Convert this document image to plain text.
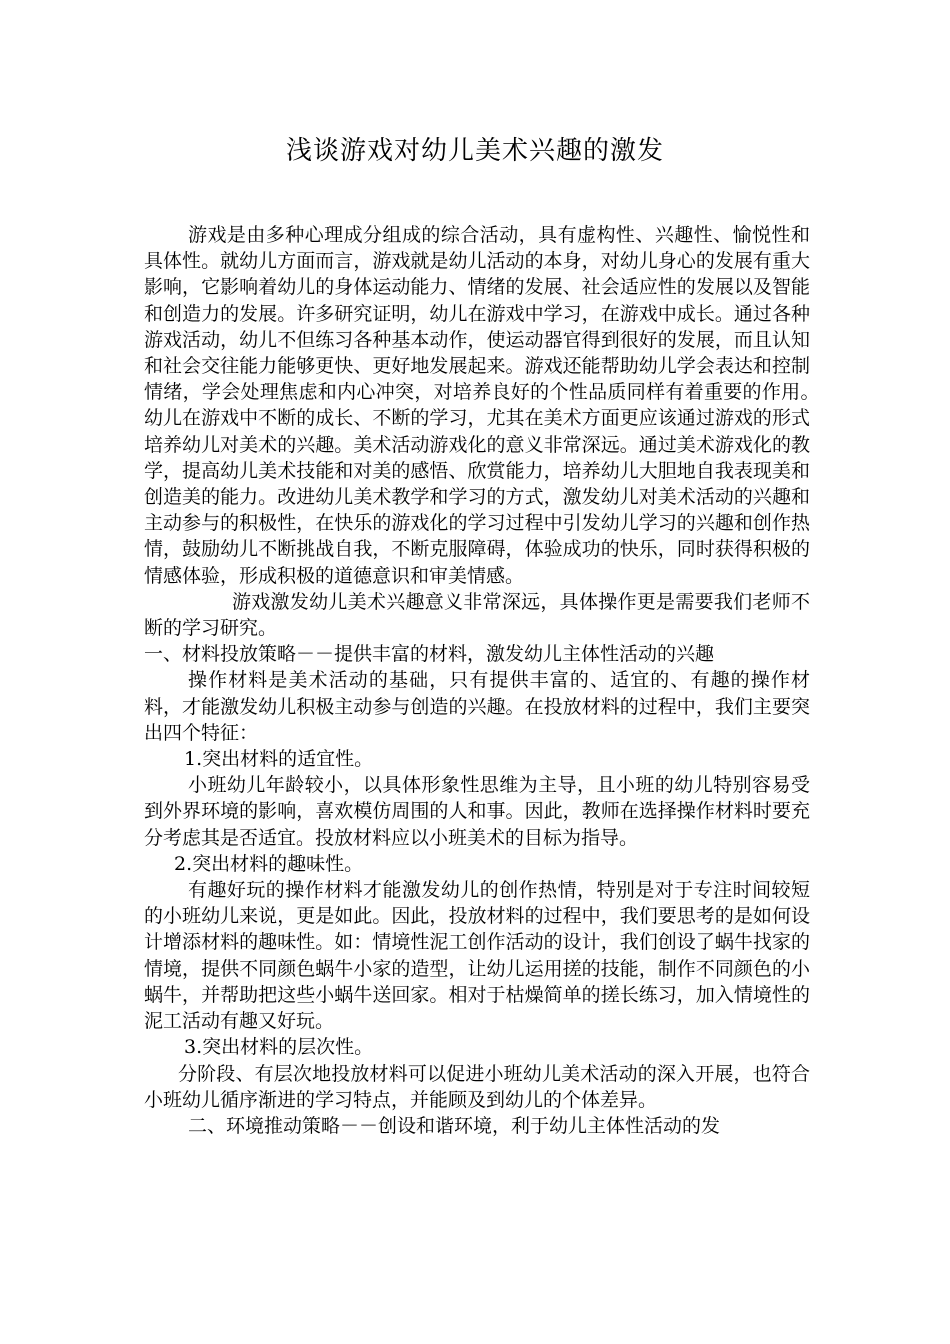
浅谈游戏对幼儿美术兴趣的激发

游戏是由多种心理成分组成的综合活动，具有虚构性、兴趣性、愉悦性和具体性。就幼儿方面而言，游戏就是幼儿活动的本身，对幼儿身心的发展有重大影响，它影响着幼儿的身体运动能力、情绪的发展、社会适应性的发展以及智能和创造力的发展。许多研究证明，幼儿在游戏中学习，在游戏中成长。通过各种游戏活动，幼儿不但练习各种基本动作，使运动器官得到很好的发展，而且认知和社会交往能力能够更快、更好地发展起来。游戏还能帮助幼儿学会表达和控制情绪，学会处理焦虑和内心冲突，对培养良好的个性品质同样有着重要的作用。　幼儿在游戏中不断的成长、不断的学习，尤其在美术方面更应该通过游戏的形式培养幼儿对美术的兴趣。美术活动游戏化的意义非常深远。通过美术游戏化的教学，提高幼儿美术技能和对美的感悟、欣赏能力，培养幼儿大胆地自我表现美和创造美的能力。改进幼儿美术教学和学习的方式，激发幼儿对美术活动的兴趣和主动参与的积极性，在快乐的游戏化的学习过程中引发幼儿学习的兴趣和创作热情，鼓励幼儿不断挑战自我，不断克服障碍，体验成功的快乐，同时获得积极的情感体验，形成积极的道德意识和审美情感。

游戏激发幼儿美术兴趣意义非常深远，具体操作更是需要我们老师不断的学习研究。

一、材料投放策略－－提供丰富的材料，激发幼儿主体性活动的兴趣

操作材料是美术活动的基础，只有提供丰富的、适宜的、有趣的操作材料，才能激发幼儿积极主动参与创造的兴趣。在投放材料的过程中，我们主要突出四个特征：

1.突出材料的适宜性。

小班幼儿年龄较小，以具体形象性思维为主导，且小班的幼儿特别容易受到外界环境的影响，喜欢模仿周围的人和事。因此，教师在选择操作材料时要充分考虑其是否适宜。投放材料应以小班美术的目标为指导。

2.突出材料的趣味性。

有趣好玩的操作材料才能激发幼儿的创作热情，特别是对于专注时间较短的小班幼儿来说，更是如此。因此，投放材料的过程中，我们要思考的是如何设计增添材料的趣味性。如：情境性泥工创作活动的设计，我们创设了蜗牛找家的情境，提供不同颜色蜗牛小家的造型，让幼儿运用搓的技能，制作不同颜色的小蜗牛，并帮助把这些小蜗牛送回家。相对于枯燥简单的搓长练习，加入情境性的泥工活动有趣又好玩。

3.突出材料的层次性。

分阶段、有层次地投放材料可以促进小班幼儿美术活动的深入开展，也符合小班幼儿循序渐进的学习特点，并能顾及到幼儿的个体差异。

二、环境推动策略－－创设和谐环境，利于幼儿主体性活动的发
